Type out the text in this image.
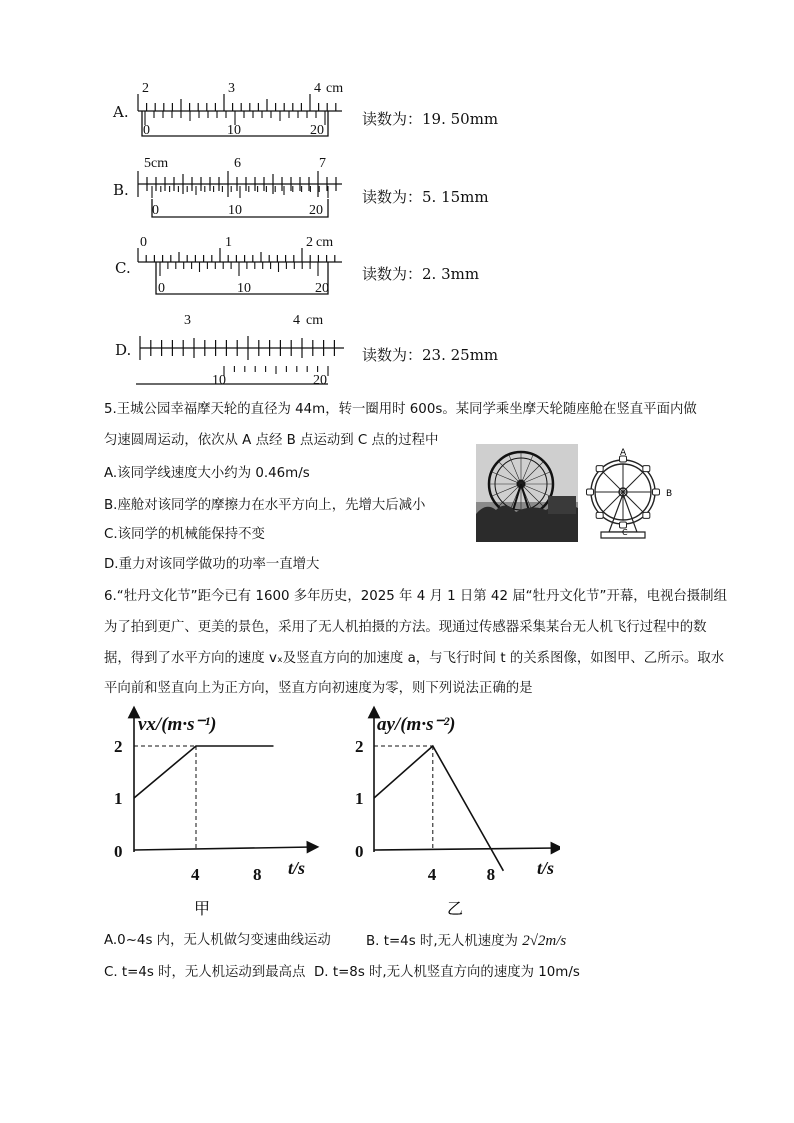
A.
2	3	4 cm
0	10	20
读数为：19. 50mm
B.
5cm	6	7
0	10	20
读数为：5. 15mm
C.
0	1	2 cm
0	10	20
读数为：2. 3mm
D.
3	4 cm
10	20
读数为：23. 25mm
5.王城公园幸福摩天轮的直径为 44m，转一圈用时 600s。某同学乘坐摩天轮随座舱在竖直平面内做
匀速圆周运动，依次从 A 点经 B 点运动到 C 点的过程中
A.该同学线速度大小约为 0.46m/s
B.座舱对该同学的摩擦力在水平方向上，先增大后减小
C.该同学的机械能保持不变
D.重力对该同学做功的功率一直增大
A
B
C
6.“牡丹文化节”距今已有 1600 多年历史，2025 年 4 月 1 日第 42 届“牡丹文化节”开幕，电视台摄制组
为了拍到更广、更美的景色，采用了无人机拍摄的方法。现通过传感器采集某台无人机飞行过程中的数
据，得到了水平方向的速度 vₓ及竖直方向的加速度 a，与飞行时间 t 的关系图像，如图甲、乙所示。取水
平向前和竖直向上为正方向，竖直方向初速度为零，则下列说法正确的是
vx/(m·s⁻¹)
2
1
0
4	8 t/s
甲
ay/(m·s⁻²)
2
1
0
4	8 t/s
乙
A.0~4s 内，无人机做匀变速曲线运动	B. t=4s 时,无人机速度为 2√2m/s
C. t=4s 时，无人机运动到最高点 D. t=8s 时,无人机竖直方向的速度为 10m/s
